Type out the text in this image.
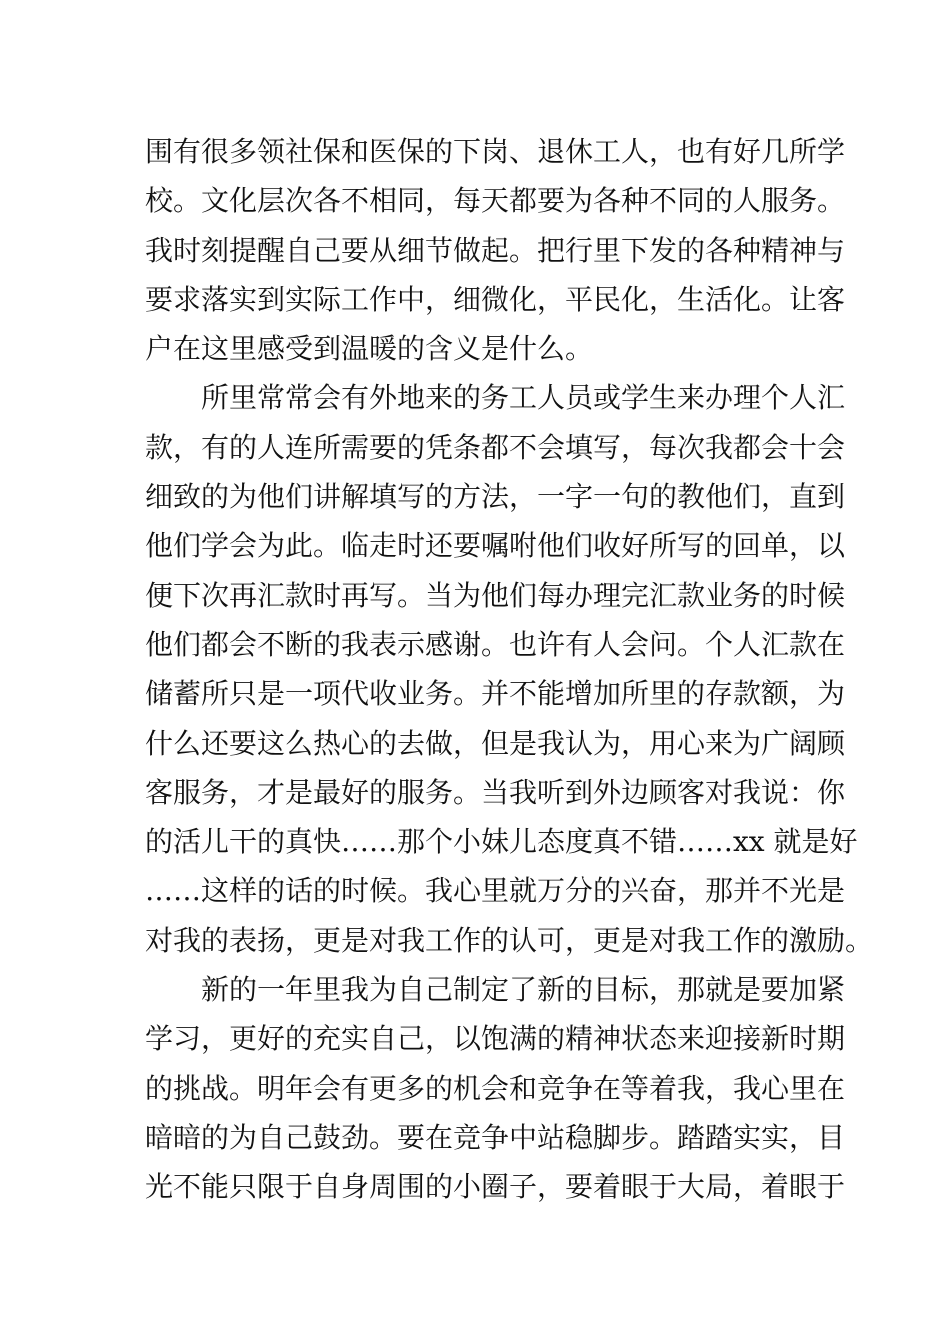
围有很多领社保和医保的下岗、退休工人，也有好几所学
校。文化层次各不相同，每天都要为各种不同的人服务。
我时刻提醒自己要从细节做起。把行里下发的各种精神与
要求落实到实际工作中，细微化，平民化，生活化。让客
户在这里感受到温暖的含义是什么。
所里常常会有外地来的务工人员或学生来办理个人汇
款，有的人连所需要的凭条都不会填写，每次我都会十会
细致的为他们讲解填写的方法，一字一句的教他们，直到
他们学会为此。临走时还要嘱咐他们收好所写的回单，以
便下次再汇款时再写。当为他们每办理完汇款业务的时候
他们都会不断的我表示感谢。也许有人会问。个人汇款在
储蓄所只是一项代收业务。并不能增加所里的存款额，为
什么还要这么热心的去做，但是我认为，用心来为广阔顾
客服务，才是最好的服务。当我听到外边顾客对我说：你
的活儿干的真快……那个小妹儿态度真不错……xx 就是好
……这样的话的时候。我心里就万分的兴奋，那并不光是
对我的表扬，更是对我工作的认可，更是对我工作的激励。
新的一年里我为自己制定了新的目标，那就是要加紧
学习，更好的充实自己，以饱满的精神状态来迎接新时期
的挑战。明年会有更多的机会和竞争在等着我，我心里在
暗暗的为自己鼓劲。要在竞争中站稳脚步。踏踏实实，目
光不能只限于自身周围的小圈子，要着眼于大局，着眼于
